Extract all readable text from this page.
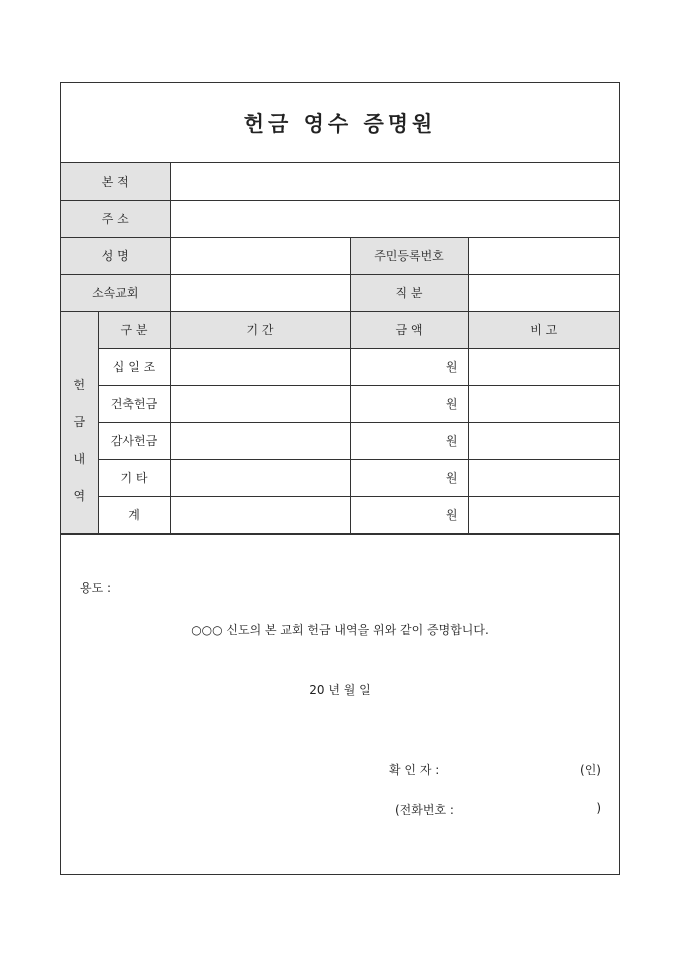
헌금 영수 증명원
본 적				
주 소				
성 명			주민등록번호	
소속교회			직 분	

헌
금
내
역	구 분	기 간	금 액	비 고
	십 일 조		원	
	건축헌금		원	
	감사헌금		원	
	기 타		원	
	계		원	
용도 :
○○○ 신도의 본 교회 헌금 내역을 위와 같이 증명합니다.
20 년 월 일
확 인 자 :	(인)
(전화번호 :	)
